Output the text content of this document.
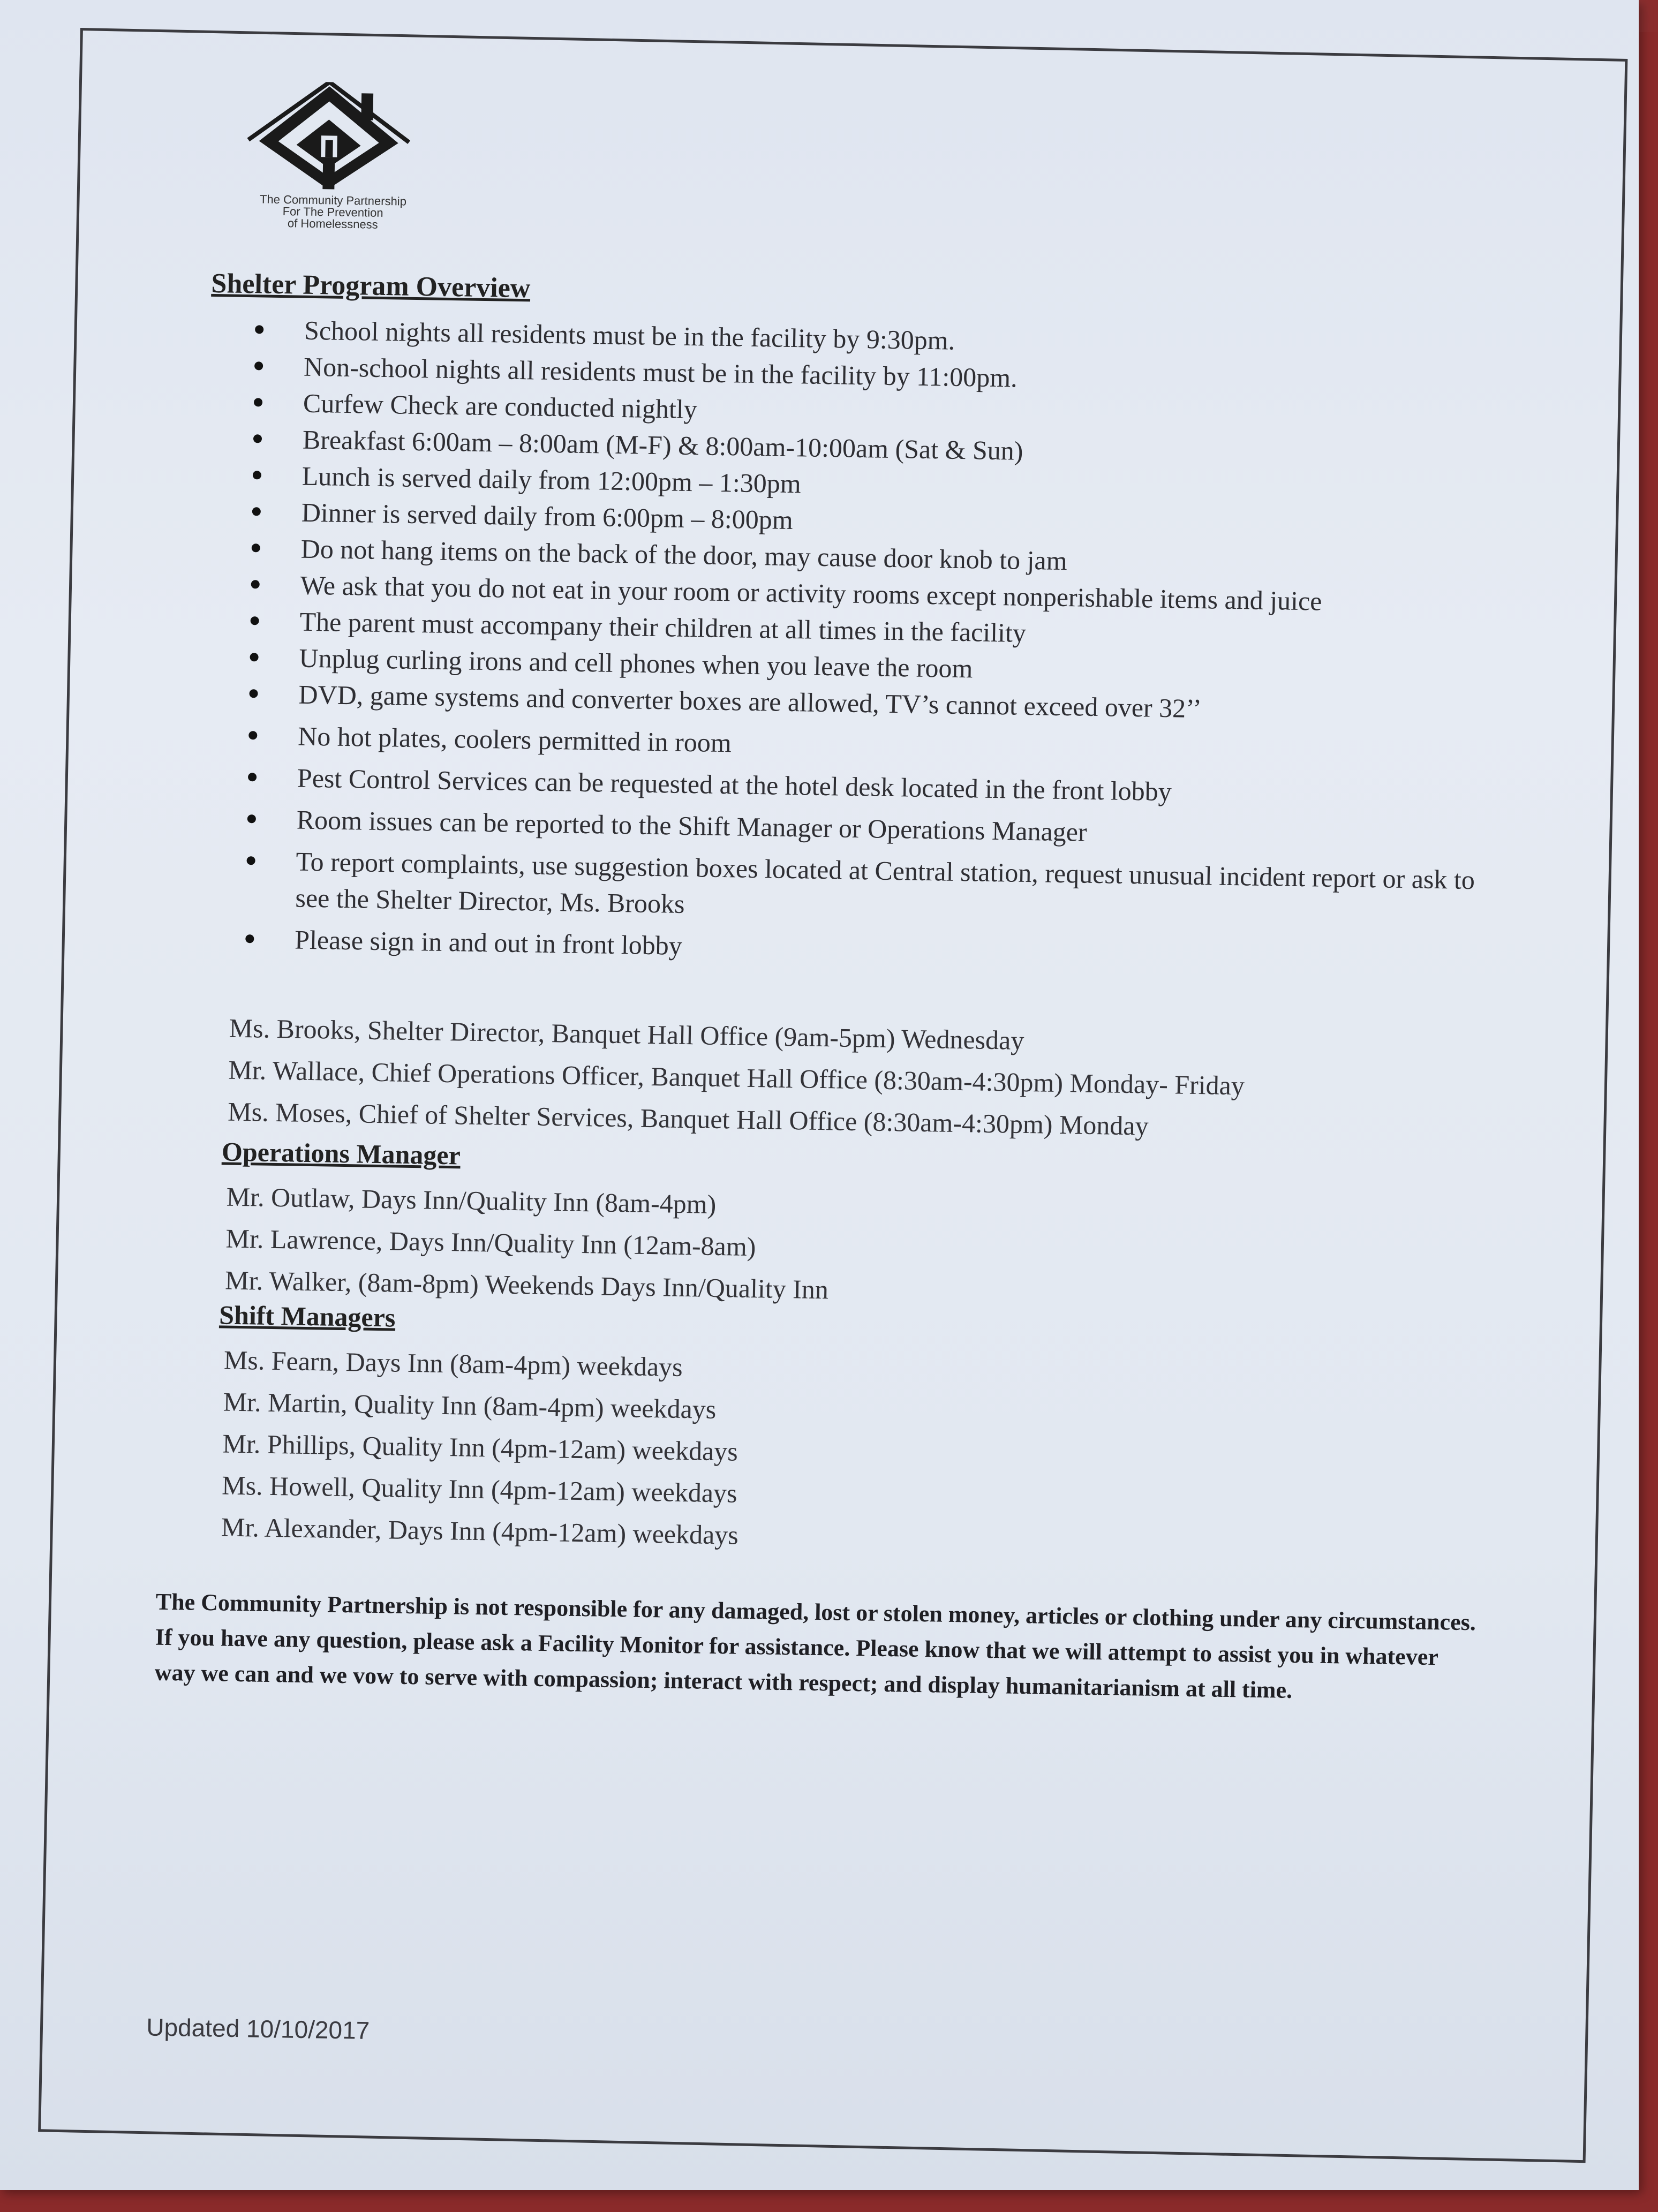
The Community Partnership
For The Prevention
of Homelessness
Shelter Program Overview
School nights all residents must be in the facility by 9:30pm.
Non-school nights all residents must be in the facility by 11:00pm.
Curfew Check are conducted nightly
Breakfast 6:00am – 8:00am (M-F) & 8:00am-10:00am (Sat & Sun)
Lunch is served daily from 12:00pm – 1:30pm
Dinner is served daily from 6:00pm – 8:00pm
Do not hang items on the back of the door, may cause door knob to jam
We ask that you do not eat in your room or activity rooms except nonperishable items and juice
The parent must accompany their children at all times in the facility
Unplug curling irons and cell phones when you leave the room
DVD, game systems and converter boxes are allowed, TV’s cannot exceed over 32’’
No hot plates, coolers permitted in room
Pest Control Services can be requested at the hotel desk located in the front lobby
Room issues can be reported to the Shift Manager or Operations Manager
To report complaints, use suggestion boxes located at Central station, request unusual incident report or ask to see the Shelter Director, Ms. Brooks
Please sign in and out in front lobby
Ms. Brooks, Shelter Director, Banquet Hall Office (9am-5pm) Wednesday
Mr. Wallace, Chief Operations Officer, Banquet Hall Office (8:30am-4:30pm) Monday- Friday
Ms. Moses, Chief of Shelter Services, Banquet Hall Office (8:30am-4:30pm) Monday
Operations Manager
Mr. Outlaw, Days Inn/Quality Inn (8am-4pm)
Mr. Lawrence, Days Inn/Quality Inn (12am-8am)
Mr. Walker, (8am-8pm) Weekends Days Inn/Quality Inn
Shift Managers
Ms. Fearn, Days Inn (8am-4pm) weekdays
Mr. Martin, Quality Inn (8am-4pm) weekdays
Mr. Phillips, Quality Inn (4pm-12am) weekdays
Ms. Howell, Quality Inn (4pm-12am) weekdays
Mr. Alexander, Days Inn (4pm-12am) weekdays
The Community Partnership is not responsible for any damaged, lost or stolen money, articles or clothing under any circumstances. If you have any question, please ask a Facility Monitor for assistance. Please know that we will attempt to assist you in whatever way we can and we vow to serve with compassion; interact with respect; and display humanitarianism at all time.
Updated 10/10/2017
